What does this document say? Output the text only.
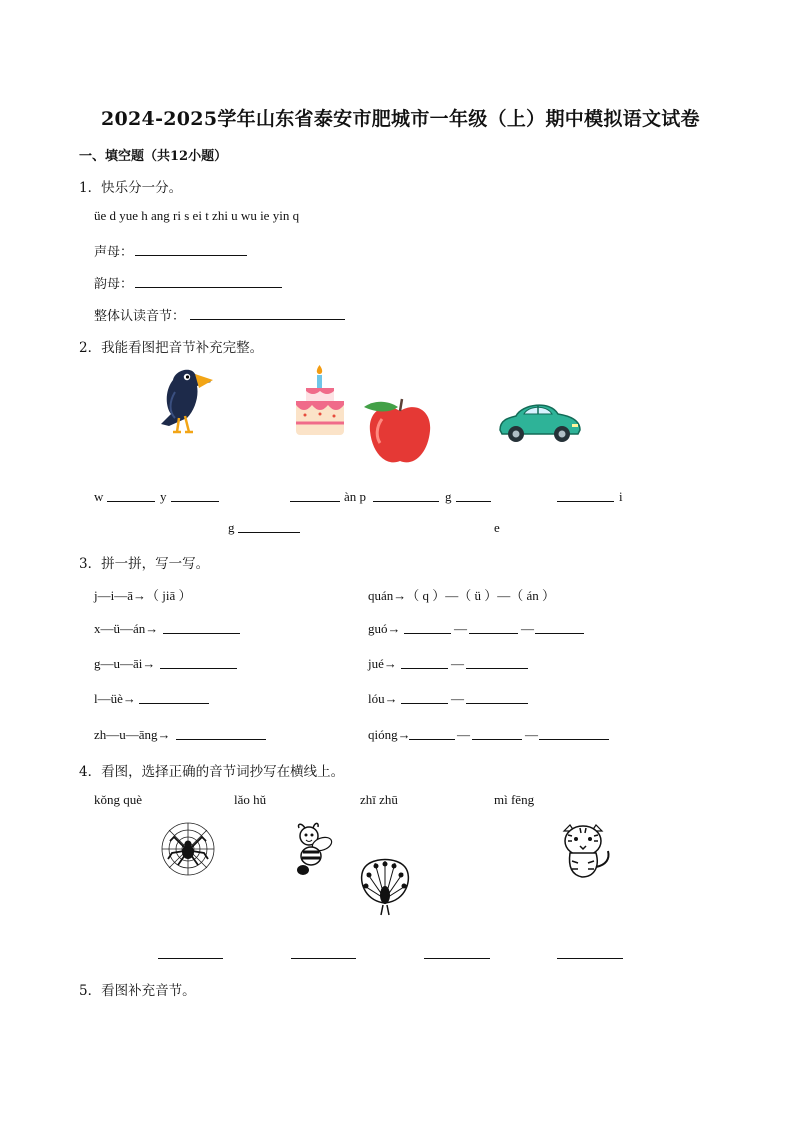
2024-2025学年山东省泰安市肥城市一年级（上）期中模拟语文试卷
一、填空题（共12小题）
1．快乐分一分。
üe d yue h ang ri s ei t zhi u wu ie yin q
声母：
韵母：
整体认读音节：
2．我能看图把音节补充完整。
w	y	àn p	g	i
g	e
3．拼一拼，写一写。
j—i—ā→（ jiā ）
x—ü—án→
g—u—āi→
l—üè→
zh—u—āng→
quán→（ q ）—（ ü ）—（ án ）
guó→	—	—
jué→	—
lóu→	—
qióng→	—	—
4．看图，选择正确的音节词抄写在横线上。
kǒng què	lǎo hǔ	zhī zhū	mì fēng
5．看图补充音节。
